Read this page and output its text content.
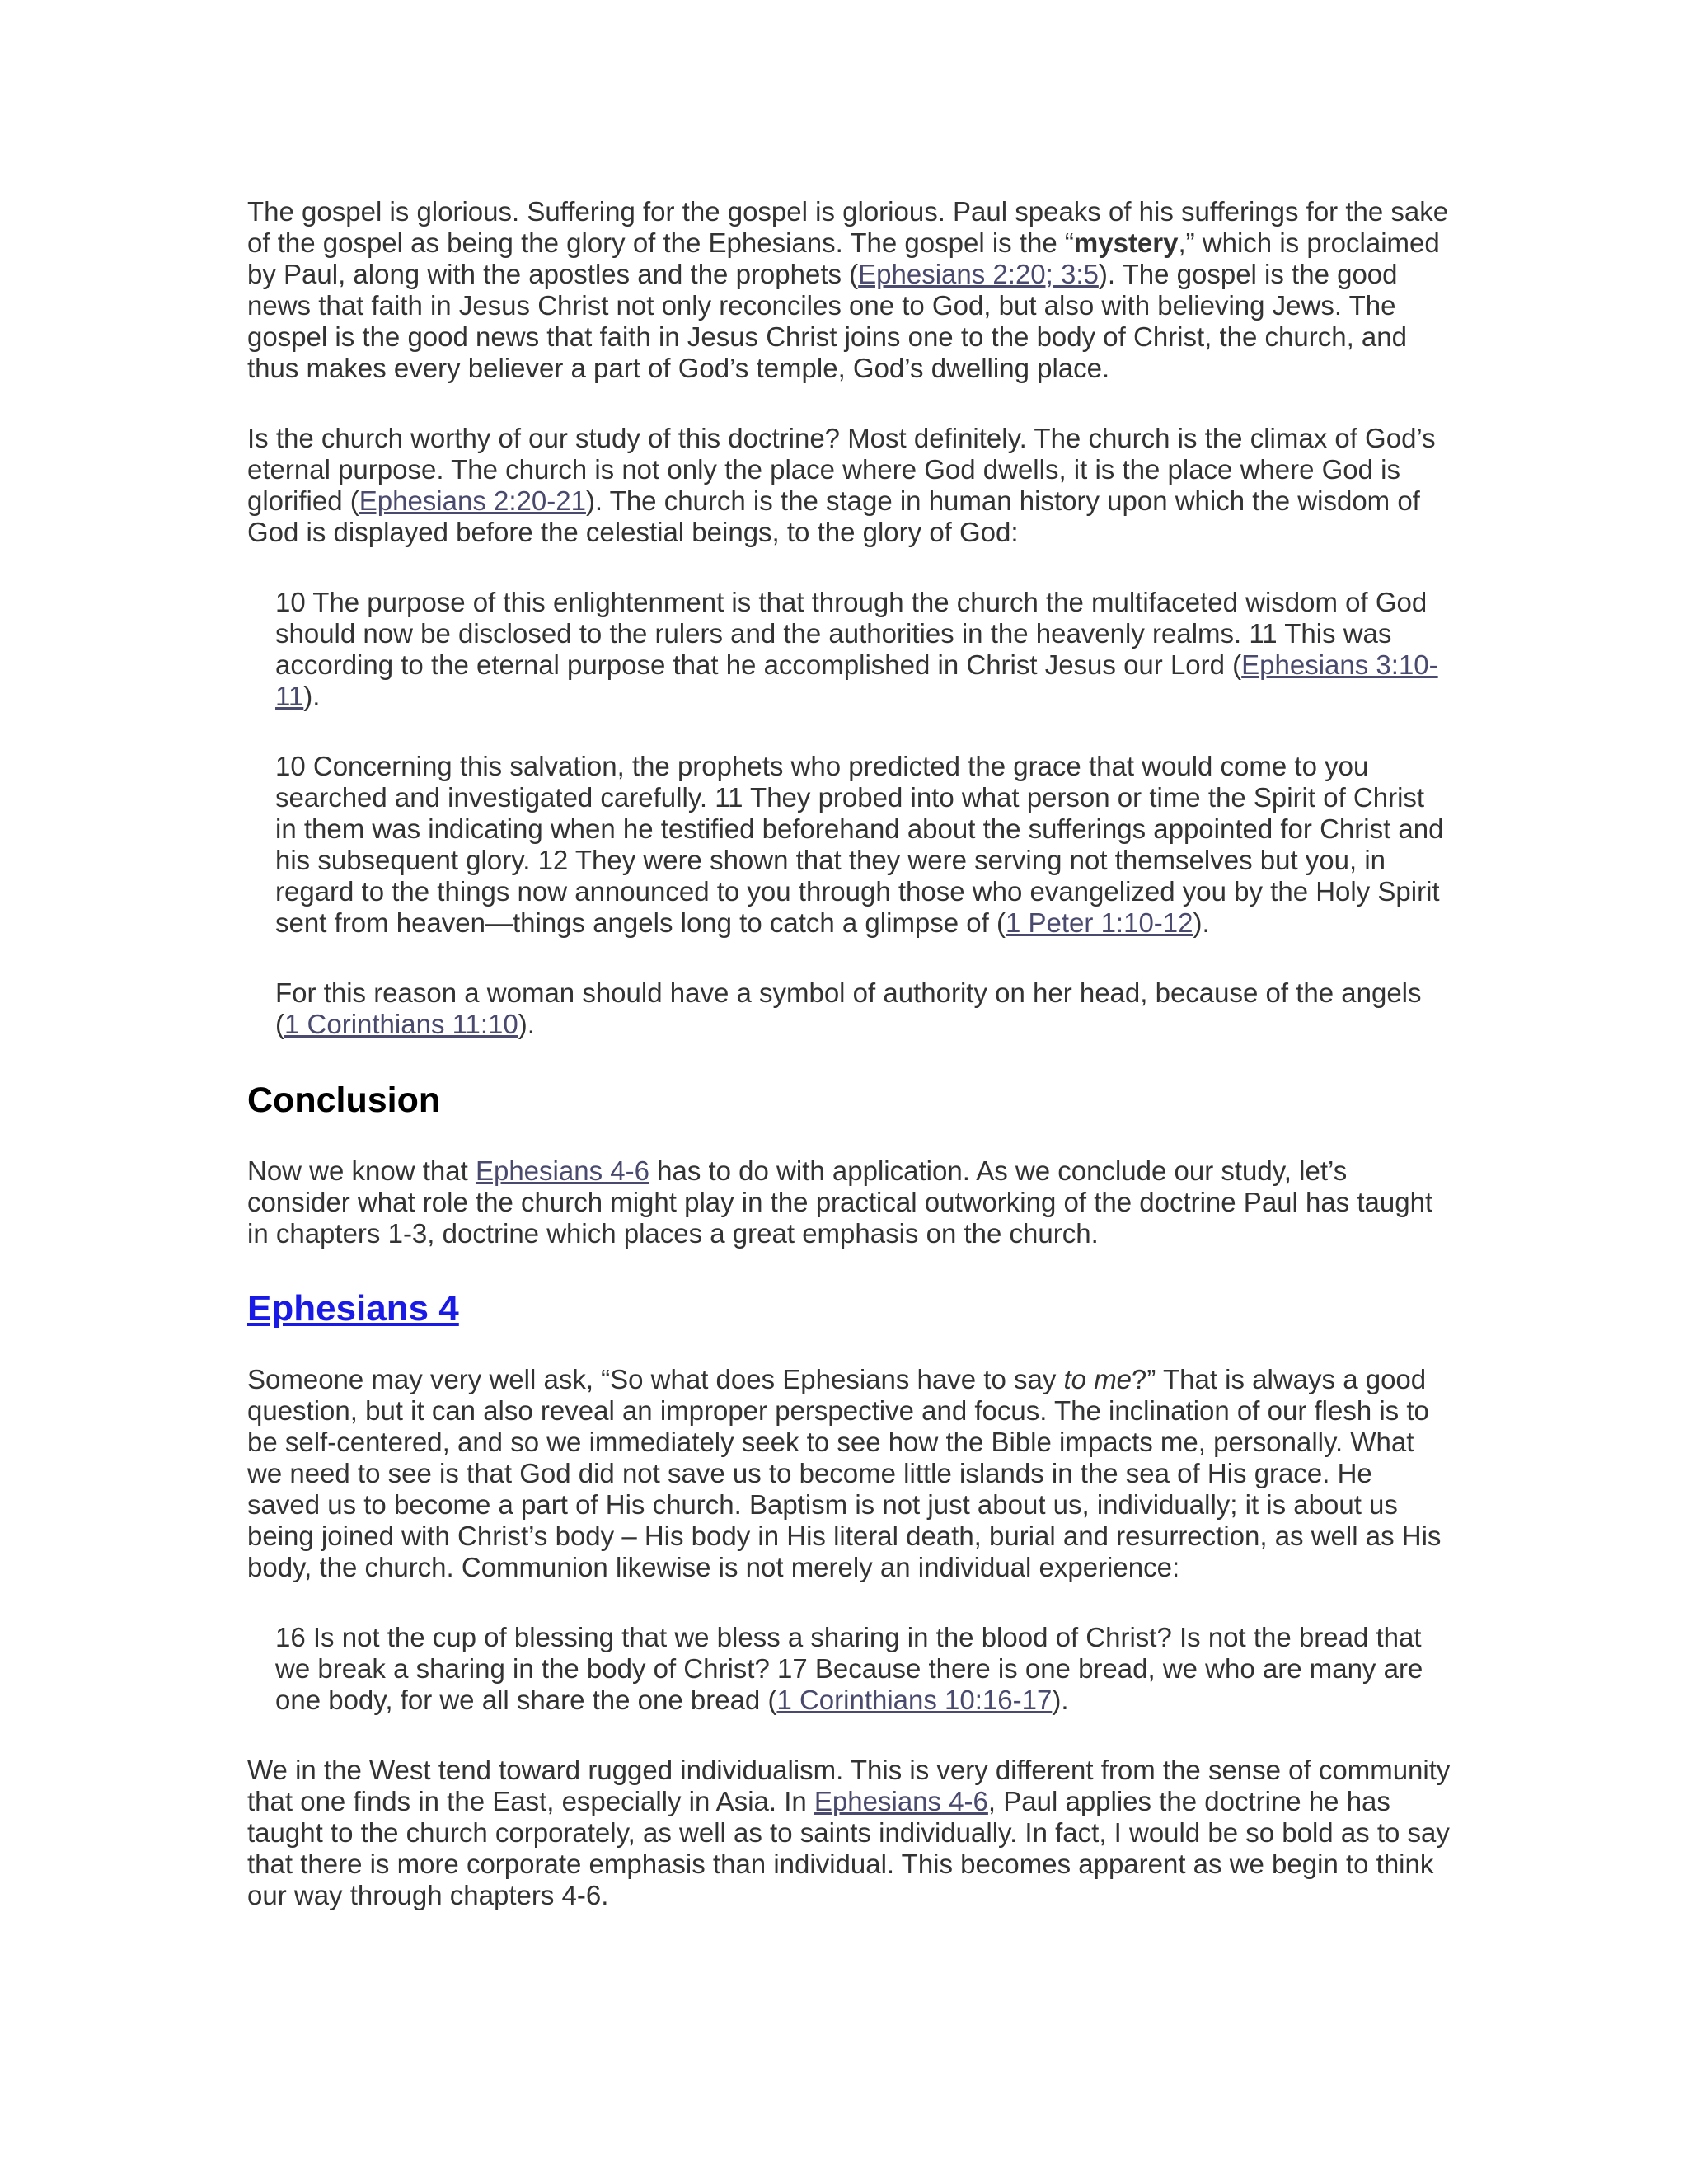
The gospel is glorious. Suffering for the gospel is glorious. Paul speaks of his sufferings for the sake of the gospel as being the glory of the Ephesians. The gospel is the “mystery,” which is proclaimed by Paul, along with the apostles and the prophets (Ephesians 2:20; 3:5). The gospel is the good news that faith in Jesus Christ not only reconciles one to God, but also with believing Jews. The gospel is the good news that faith in Jesus Christ joins one to the body of Christ, the church, and thus makes every believer a part of God’s temple, God’s dwelling place.

Is the church worthy of our study of this doctrine? Most definitely. The church is the climax of God’s eternal purpose. The church is not only the place where God dwells, it is the place where God is glorified (Ephesians 2:20-21). The church is the stage in human history upon which the wisdom of God is displayed before the celestial beings, to the glory of God:

10 The purpose of this enlightenment is that through the church the multifaceted wisdom of God should now be disclosed to the rulers and the authorities in the heavenly realms. 11 This was according to the eternal purpose that he accomplished in Christ Jesus our Lord (Ephesians 3:10-11).

10 Concerning this salvation, the prophets who predicted the grace that would come to you searched and investigated carefully. 11 They probed into what person or time the Spirit of Christ in them was indicating when he testified beforehand about the sufferings appointed for Christ and his subsequent glory. 12 They were shown that they were serving not themselves but you, in regard to the things now announced to you through those who evangelized you by the Holy Spirit sent from heaven—things angels long to catch a glimpse of (1 Peter 1:10-12).

For this reason a woman should have a symbol of authority on her head, because of the angels (1 Corinthians 11:10).

Conclusion

Now we know that Ephesians 4-6 has to do with application. As we conclude our study, let’s consider what role the church might play in the practical outworking of the doctrine Paul has taught in chapters 1-3, doctrine which places a great emphasis on the church.

Ephesians 4

Someone may very well ask, “So what does Ephesians have to say to me?” That is always a good question, but it can also reveal an improper perspective and focus. The inclination of our flesh is to be self-centered, and so we immediately seek to see how the Bible impacts me, personally. What we need to see is that God did not save us to become little islands in the sea of His grace. He saved us to become a part of His church. Baptism is not just about us, individually; it is about us being joined with Christ’s body – His body in His literal death, burial and resurrection, as well as His body, the church. Communion likewise is not merely an individual experience:

16 Is not the cup of blessing that we bless a sharing in the blood of Christ? Is not the bread that we break a sharing in the body of Christ? 17 Because there is one bread, we who are many are one body, for we all share the one bread (1 Corinthians 10:16-17).

We in the West tend toward rugged individualism. This is very different from the sense of community that one finds in the East, especially in Asia. In Ephesians 4-6, Paul applies the doctrine he has taught to the church corporately, as well as to saints individually. In fact, I would be so bold as to say that there is more corporate emphasis than individual. This becomes apparent as we begin to think our way through chapters 4-6.
